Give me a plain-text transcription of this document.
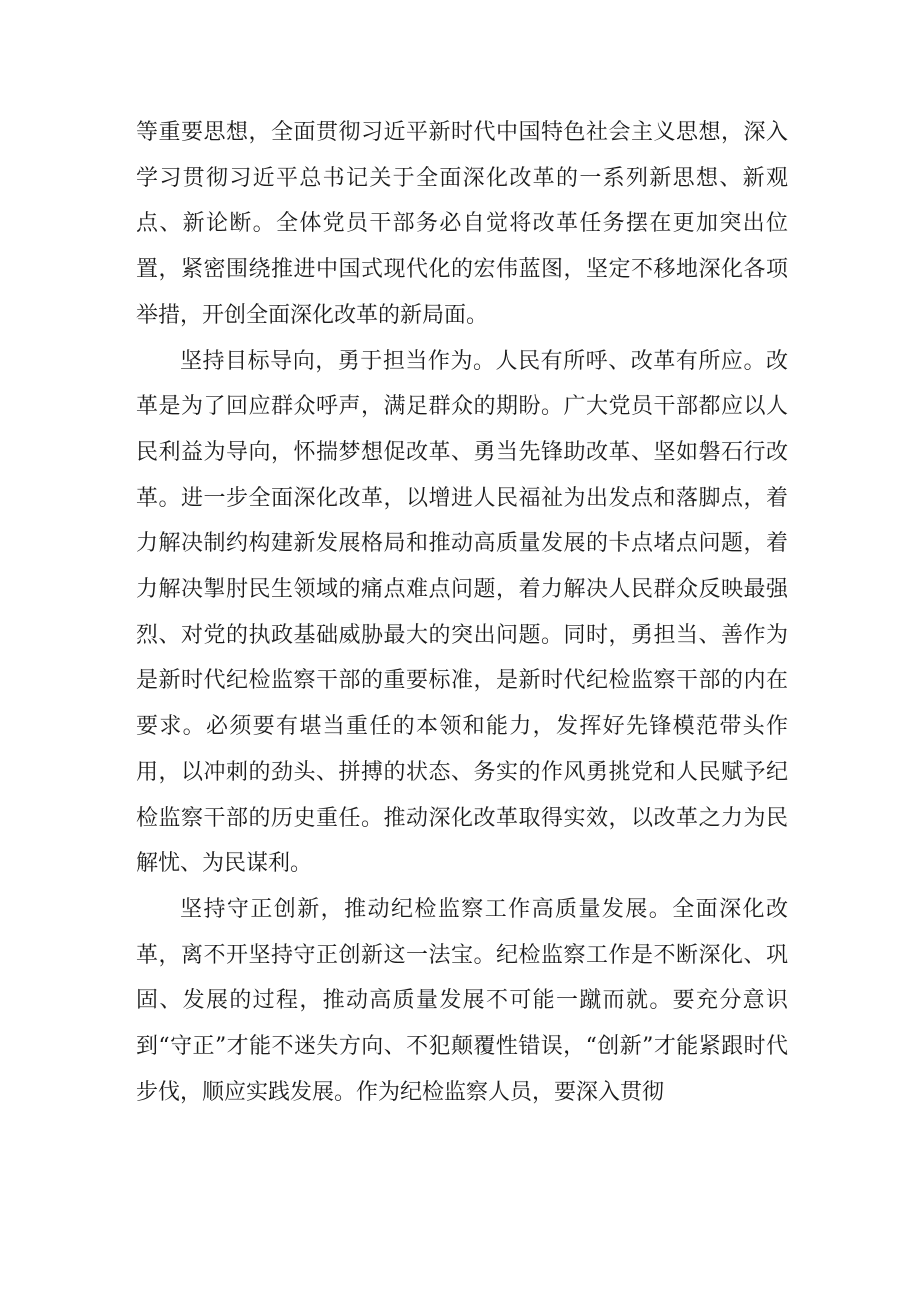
等重要思想，全面贯彻习近平新时代中国特色社会主义思想，深入学习贯彻习近平总书记关于全面深化改革的一系列新思想、新观点、新论断。全体党员干部务必自觉将改革任务摆在更加突出位置，紧密围绕推进中国式现代化的宏伟蓝图，坚定不移地深化各项举措，开创全面深化改革的新局面。

坚持目标导向，勇于担当作为。人民有所呼、改革有所应。改革是为了回应群众呼声，满足群众的期盼。广大党员干部都应以人民利益为导向，怀揣梦想促改革、勇当先锋助改革、坚如磐石行改革。进一步全面深化改革，以增进人民福祉为出发点和落脚点，着力解决制约构建新发展格局和推动高质量发展的卡点堵点问题，着力解决掣肘民生领域的痛点难点问题，着力解决人民群众反映最强烈、对党的执政基础威胁最大的突出问题。同时，勇担当、善作为是新时代纪检监察干部的重要标准，是新时代纪检监察干部的内在要求。必须要有堪当重任的本领和能力，发挥好先锋模范带头作用，以冲刺的劲头、拼搏的状态、务实的作风勇挑党和人民赋予纪检监察干部的历史重任。推动深化改革取得实效，以改革之力为民解忧、为民谋利。

坚持守正创新，推动纪检监察工作高质量发展。全面深化改革，离不开坚持守正创新这一法宝。纪检监察工作是不断深化、巩固、发展的过程，推动高质量发展不可能一蹴而就。要充分意识到“守正”才能不迷失方向、不犯颠覆性错误，“创新”才能紧跟时代步伐，顺应实践发展。作为纪检监察人员，要深入贯彻
